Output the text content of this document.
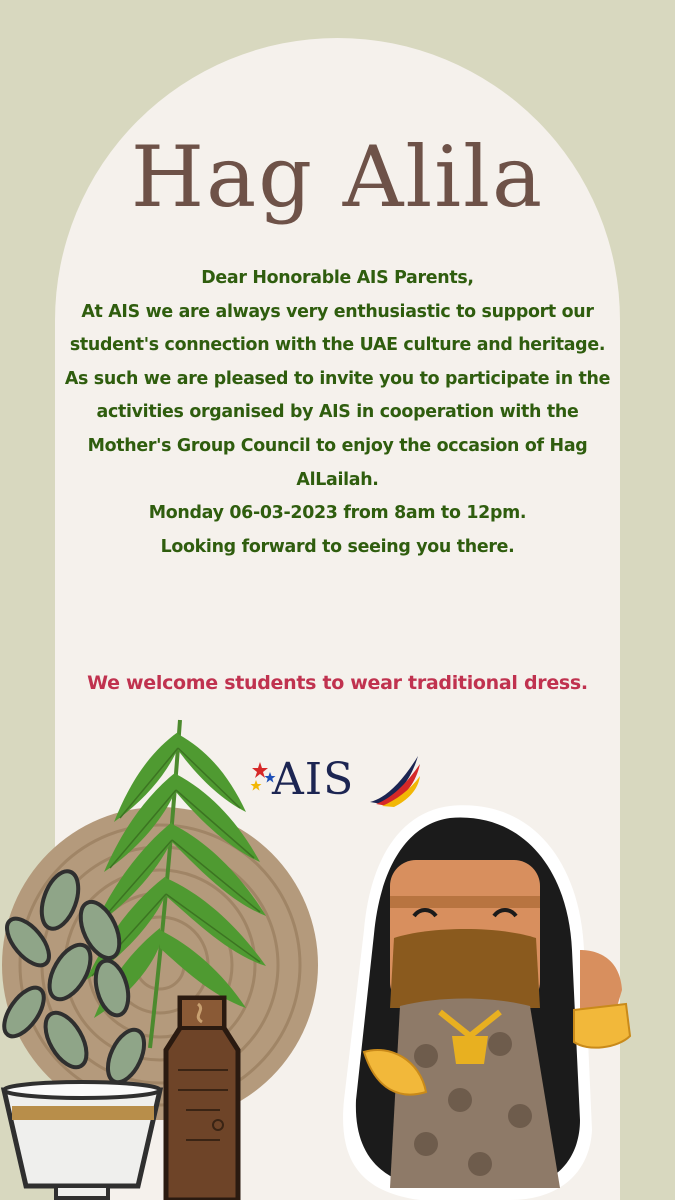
Hag Alila

Dear Honorable AIS Parents,

At AIS we are always very enthusiastic to support our student's connection with the UAE culture and heritage.

As such we are pleased to invite you to participate in the activities organised by AIS in cooperation with the Mother's Group Council to enjoy the occasion of Hag AlLailah.

Monday 06-03-2023 from 8am to 12pm.

Looking forward to seeing you there.

We welcome students to wear traditional dress.

AIS
